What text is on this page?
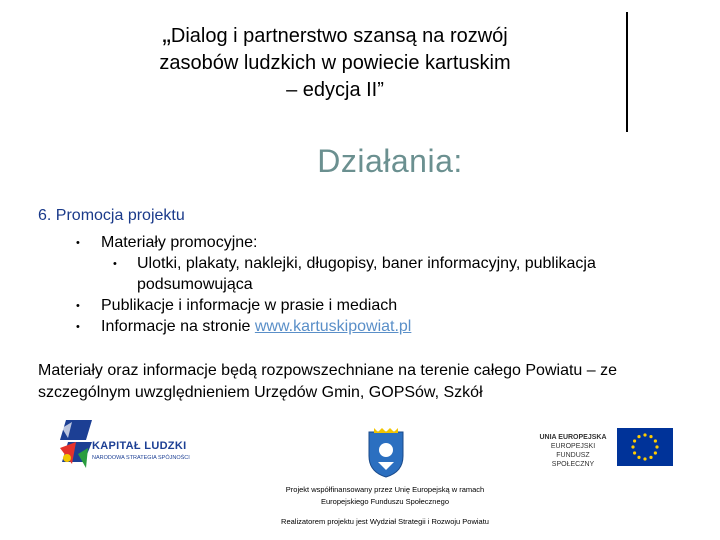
„Dialog i partnerstwo szansą na rozwój
zasobów ludzkich w powiecie kartuskim
– edycja II”
Działania:
6. Promocja projektu
• Materiały promocyjne:
• Ulotki, plakaty, naklejki, długopisy, baner informacyjny, publikacja
podsumowująca
• Publikacje i informacje w prasie i mediach
• Informacje na stronie www.kartuskipowiat.pl
Materiały oraz informacje będą rozpowszechniane na terenie całego Powiatu – ze szczególnym uwzględnieniem Urzędów Gmin, GOPSów, Szkół
KAPITAŁ LUDZKI
NARODOWA STRATEGIA SPÓJNOŚCI
UNIA EUROPEJSKA
EUROPEJSKI
FUNDUSZ SPOŁECZNY
Projekt współfinansowany przez Unię Europejską w ramach
Europejskiego Funduszu Społecznego
Realizatorem projektu jest Wydział Strategii i Rozwoju Powiatu
